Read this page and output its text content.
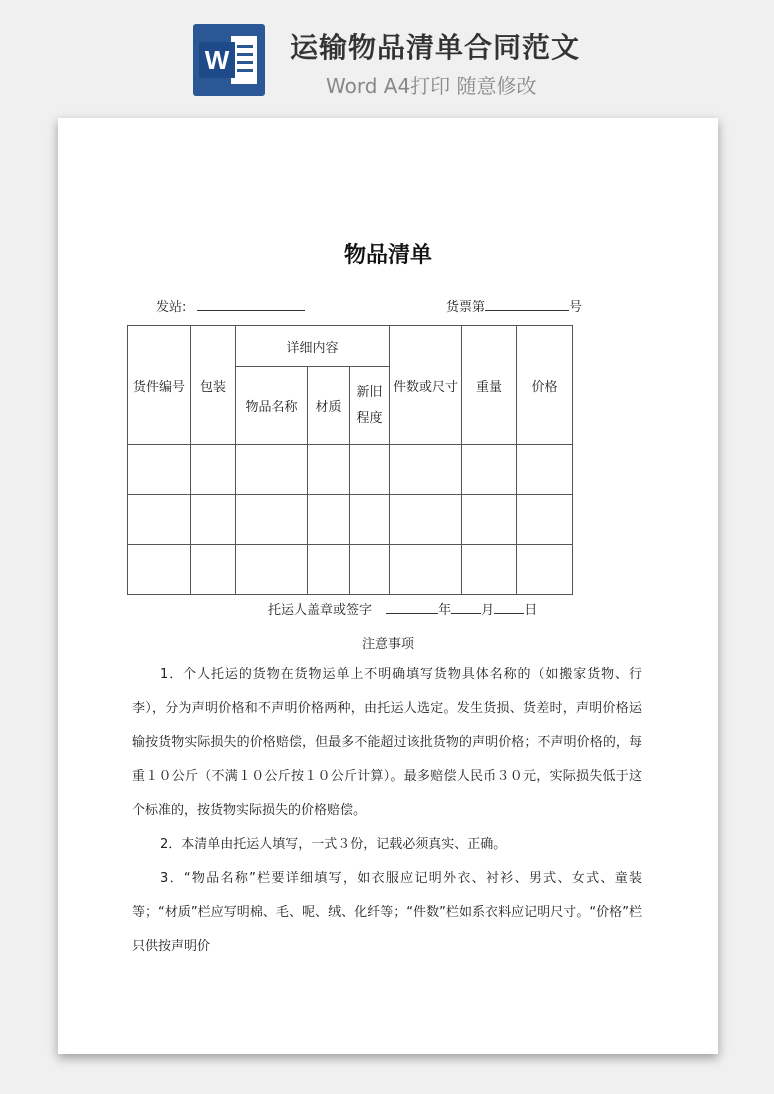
W 运输物品清单合同范文
Word A4打印 随意修改
​
物品清单
发站:	货票第	号
货件编号	包装	详细内容			件数或尺寸	重量	价格
		物品名称	材质	新旧程度			

托运人盖章或签字	年 月 日
注意事项
1．个人托运的货物在货物运单上不明确填写货物具体名称的（如搬家货物、行李），分为声明价格和不声明价格两种，由托运人选定。发生货损、货差时，声明价格运输按货物实际损失的价格赔偿，但最多不能超过该批货物的声明价格；不声明价格的，每重１０公斤（不满１０公斤按１０公斤计算）。最多赔偿人民币３０元，实际损失低于这个标准的，按货物实际损失的价格赔偿。
2．本清单由托运人填写，一式３份，记载必须真实、正确。
3．“物品名称”栏要详细填写，如衣服应记明外衣、衬衫、男式、女式、童装等；“材质”栏应写明棉、毛、呢、绒、化纤等；“件数”栏如系衣料应记明尺寸。“价格”栏只供按声明价
